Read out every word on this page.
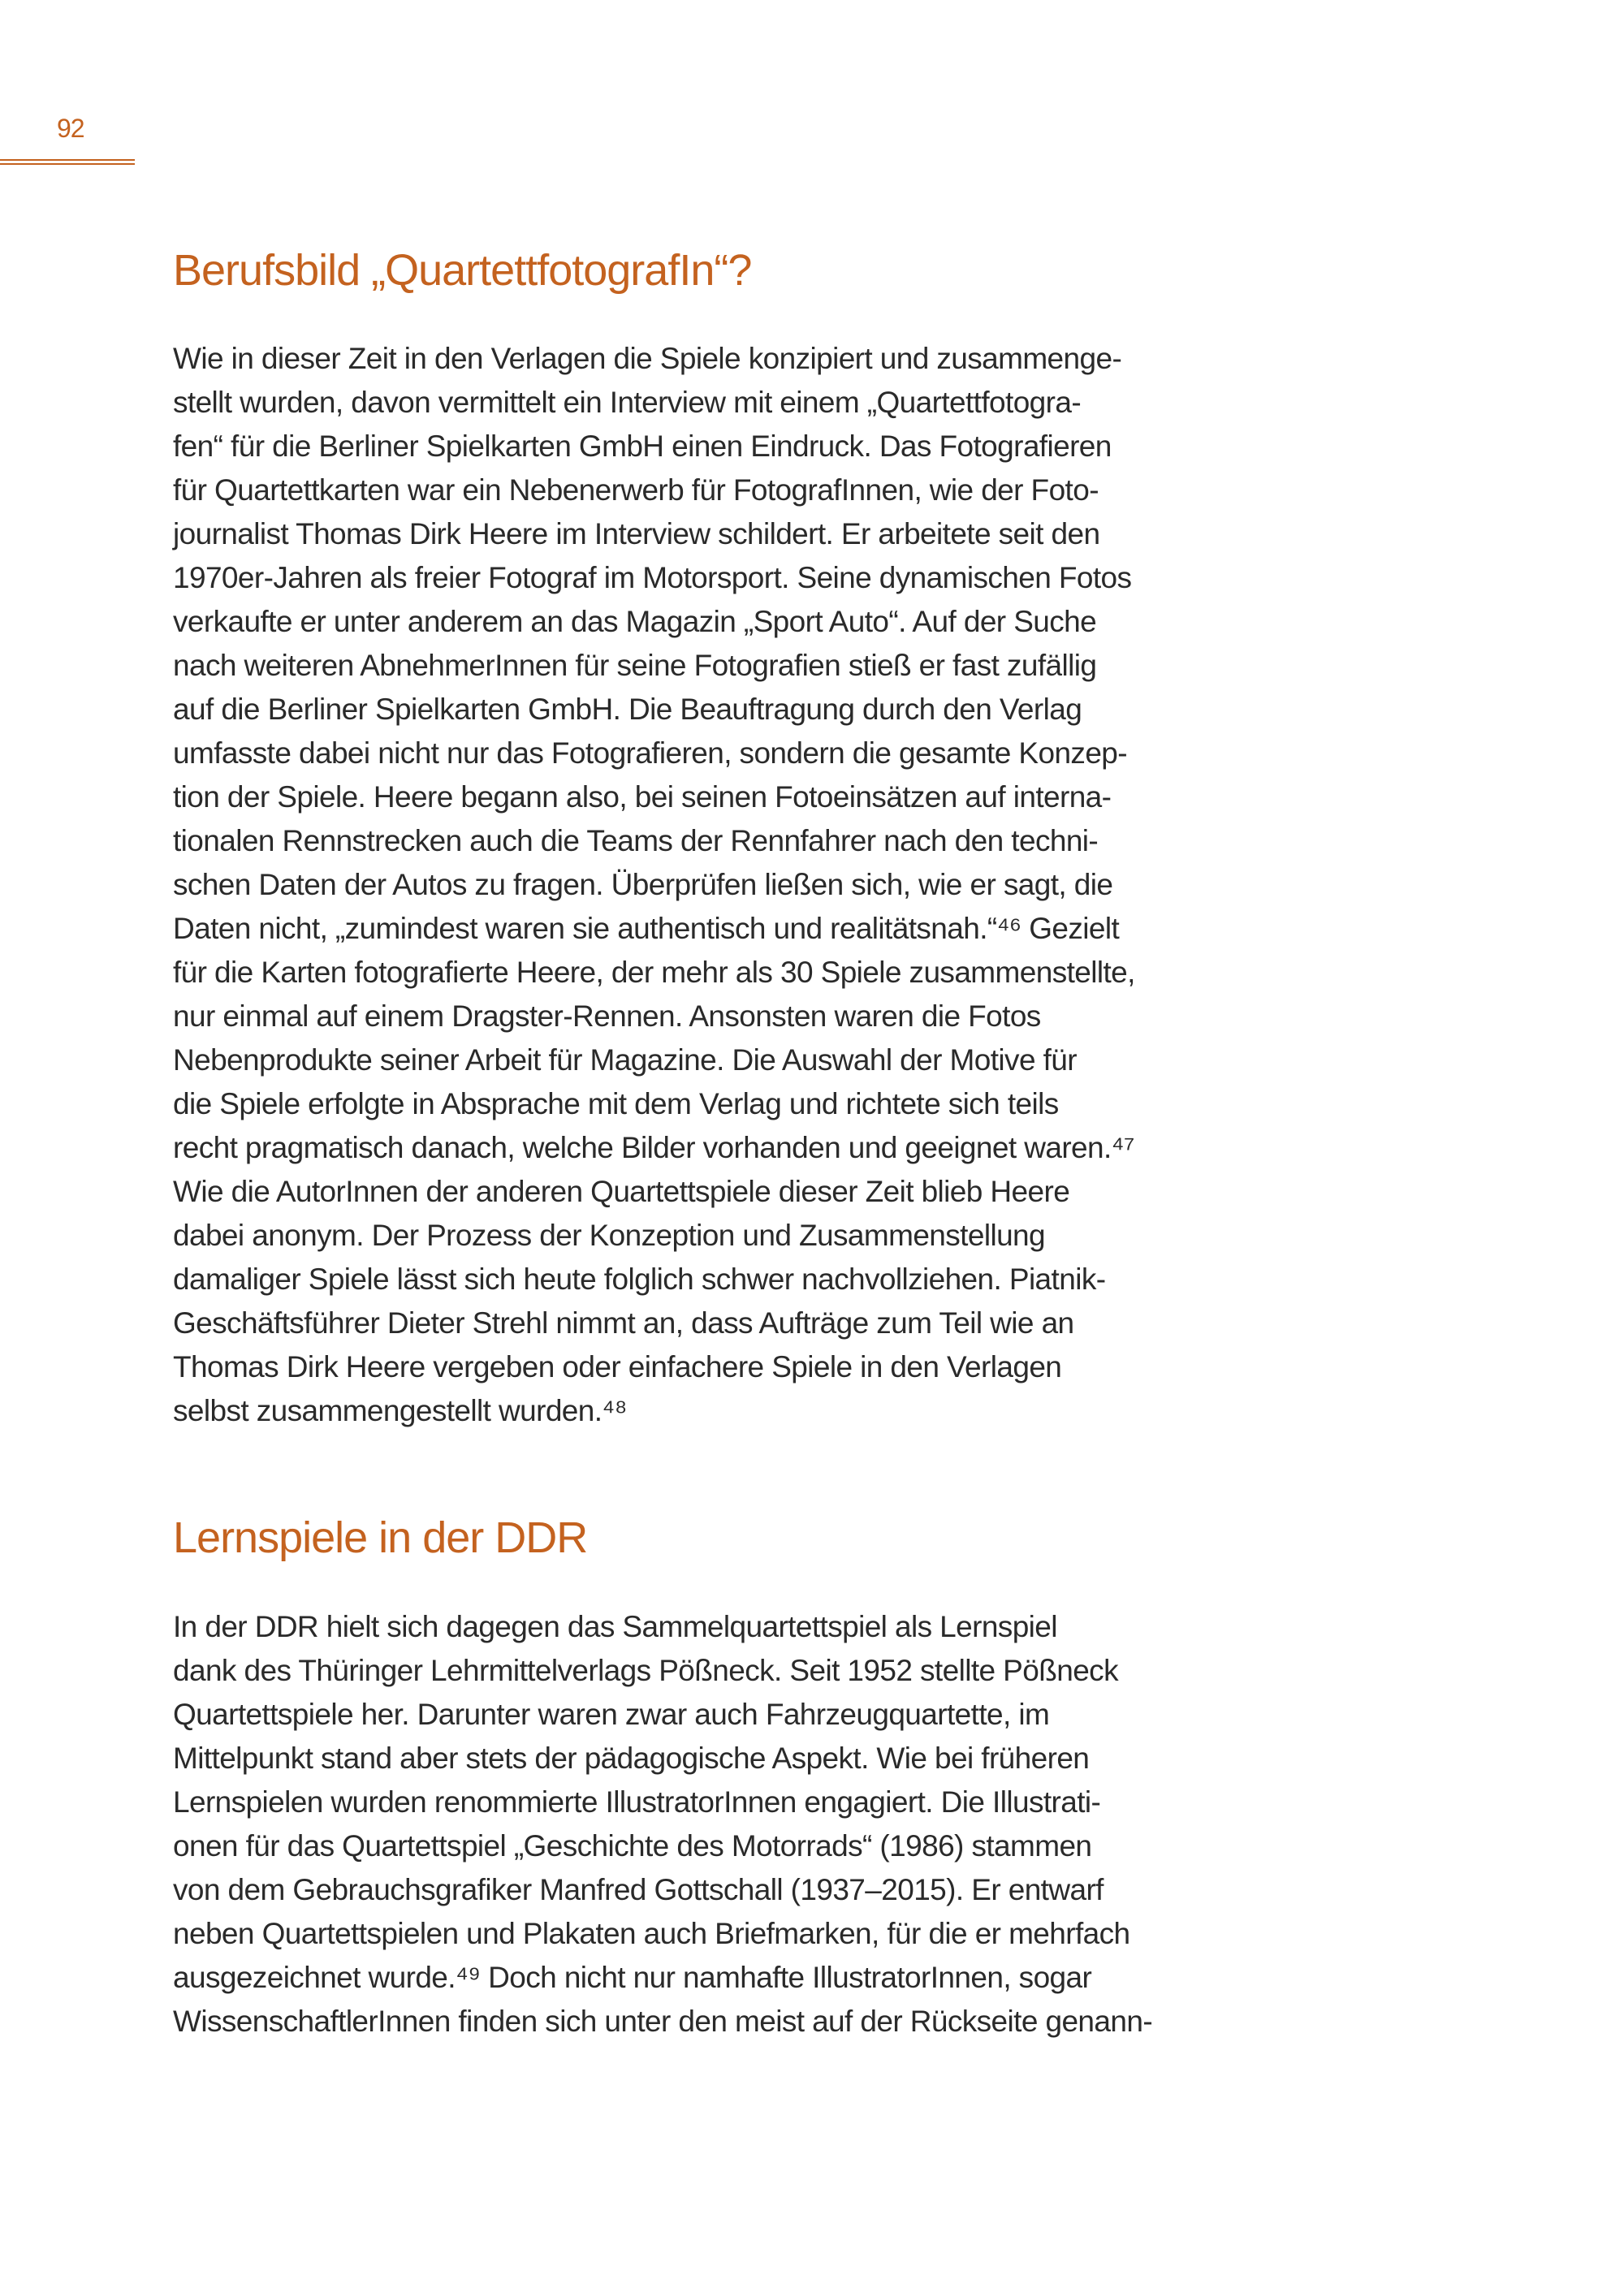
92
Berufsbild „QuartettfotografIn“?
Wie in dieser Zeit in den Verlagen die Spiele konzipiert und zusammenge-
stellt wurden, davon vermittelt ein Interview mit einem „Quartettfotogra-
fen“ für die Berliner Spielkarten GmbH einen Eindruck. Das Fotografieren
für Quartettkarten war ein Nebenerwerb für FotografInnen, wie der Foto-
journalist Thomas Dirk Heere im Interview schildert. Er arbeitete seit den
1970er-Jahren als freier Fotograf im Motorsport. Seine dynamischen Fotos
verkaufte er unter anderem an das Magazin „Sport Auto“. Auf der Suche
nach weiteren AbnehmerInnen für seine Fotografien stieß er fast zufällig
auf die Berliner Spielkarten GmbH. Die Beauftragung durch den Verlag
umfasste dabei nicht nur das Fotografieren, sondern die gesamte Konzep-
tion der Spiele. Heere begann also, bei seinen Fotoeinsätzen auf interna-
tionalen Rennstrecken auch die Teams der Rennfahrer nach den techni-
schen Daten der Autos zu fragen. Überprüfen ließen sich, wie er sagt, die
Daten nicht, „zumindest waren sie authentisch und realitätsnah.“⁴⁶ Gezielt
für die Karten fotografierte Heere, der mehr als 30 Spiele zusammenstellte,
nur einmal auf einem Dragster-Rennen. Ansonsten waren die Fotos
Nebenprodukte seiner Arbeit für Magazine. Die Auswahl der Motive für
die Spiele erfolgte in Absprache mit dem Verlag und richtete sich teils
recht pragmatisch danach, welche Bilder vorhanden und geeignet waren.⁴⁷
Wie die AutorInnen der anderen Quartettspiele dieser Zeit blieb Heere
dabei anonym. Der Prozess der Konzeption und Zusammenstellung
damaliger Spiele lässt sich heute folglich schwer nachvollziehen. Piatnik-
Geschäftsführer Dieter Strehl nimmt an, dass Aufträge zum Teil wie an
Thomas Dirk Heere vergeben oder einfachere Spiele in den Verlagen
selbst zusammengestellt wurden.⁴⁸
Lernspiele in der DDR
In der DDR hielt sich dagegen das Sammelquartettspiel als Lernspiel
dank des Thüringer Lehrmittelverlags Pößneck. Seit 1952 stellte Pößneck
Quartettspiele her. Darunter waren zwar auch Fahrzeugquartette, im
Mittelpunkt stand aber stets der pädagogische Aspekt. Wie bei früheren
Lernspielen wurden renommierte IllustratorInnen engagiert. Die Illustrati-
onen für das Quartettspiel „Geschichte des Motorrads“ (1986) stammen
von dem Gebrauchsgrafiker Manfred Gottschall (1937–2015). Er entwarf
neben Quartettspielen und Plakaten auch Briefmarken, für die er mehrfach
ausgezeichnet wurde.⁴⁹ Doch nicht nur namhafte IllustratorInnen, sogar
WissenschaftlerInnen finden sich unter den meist auf der Rückseite genann-
